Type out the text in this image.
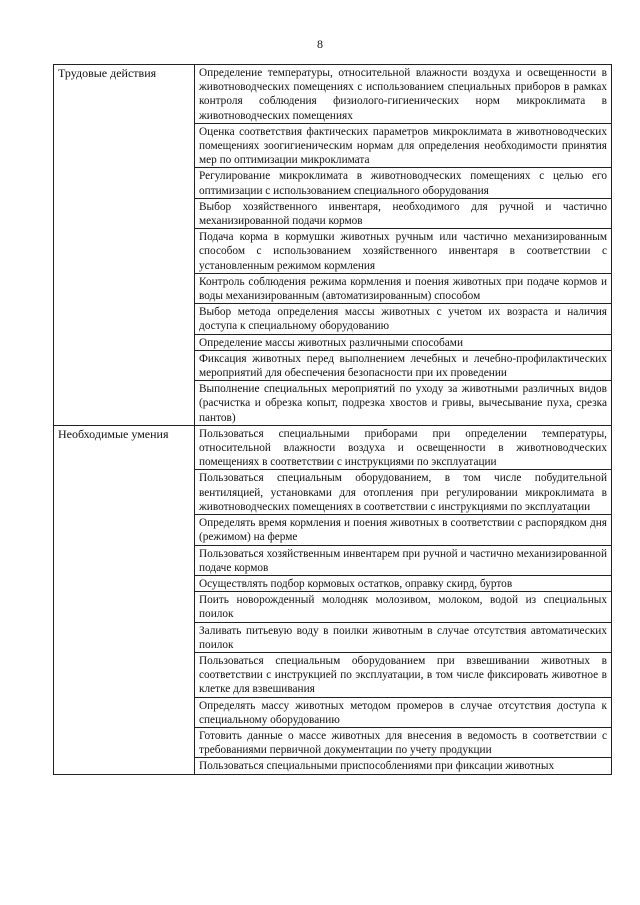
8
Трудовые действия	Определение температуры, относительной влажности воздуха и освещенности в животноводческих помещениях с использованием специальных приборов в рамках контроля соблюдения физиолого-гигиенических норм микроклимата в животноводческих помещениях
	Оценка соответствия фактических параметров микроклимата в животноводческих помещениях зоогигиеническим нормам для определения необходимости принятия мер по оптимизации микроклимата
	Регулирование микроклимата в животноводческих помещениях с целью его оптимизации с использованием специального оборудования
	Выбор хозяйственного инвентаря, необходимого для ручной и частично механизированной подачи кормов
	Подача корма в кормушки животных ручным или частично механизированным способом с использованием хозяйственного инвентаря в соответствии с установленным режимом кормления
	Контроль соблюдения режима кормления и поения животных при подаче кормов и воды механизированным (автоматизированным) способом
	Выбор метода определения массы животных с учетом их возраста и наличия доступа к специальному оборудованию
	Определение массы животных различными способами
	Фиксация животных перед выполнением лечебных и лечебно-профилактических мероприятий для обеспечения безопасности при их проведении
	Выполнение специальных мероприятий по уходу за животными различных видов (расчистка и обрезка копыт, подрезка хвостов и гривы, вычесывание пуха, срезка пантов)
Необходимые умения	Пользоваться специальными приборами при определении температуры, относительной влажности воздуха и освещенности в животноводческих помещениях в соответствии с инструкциями по эксплуатации
	Пользоваться специальным оборудованием, в том числе побудительной вентиляцией, установками для отопления при регулировании микроклимата в животноводческих помещениях в соответствии с инструкциями по эксплуатации
	Определять время кормления и поения животных в соответствии с распорядком дня (режимом) на ферме
	Пользоваться хозяйственным инвентарем при ручной и частично механизированной подаче кормов
	Осуществлять подбор кормовых остатков, оправку скирд, буртов
	Поить новорожденный молодняк молозивом, молоком, водой из специальных поилок
	Заливать питьевую воду в поилки животным в случае отсутствия автоматических поилок
	Пользоваться специальным оборудованием при взвешивании животных в соответствии с инструкцией по эксплуатации, в том числе фиксировать животное в клетке для взвешивания
	Определять массу животных методом промеров в случае отсутствия доступа к специальному оборудованию
	Готовить данные о массе животных для внесения в ведомость в соответствии с требованиями первичной документации по учету продукции
	Пользоваться специальными приспособлениями при фиксации животных
